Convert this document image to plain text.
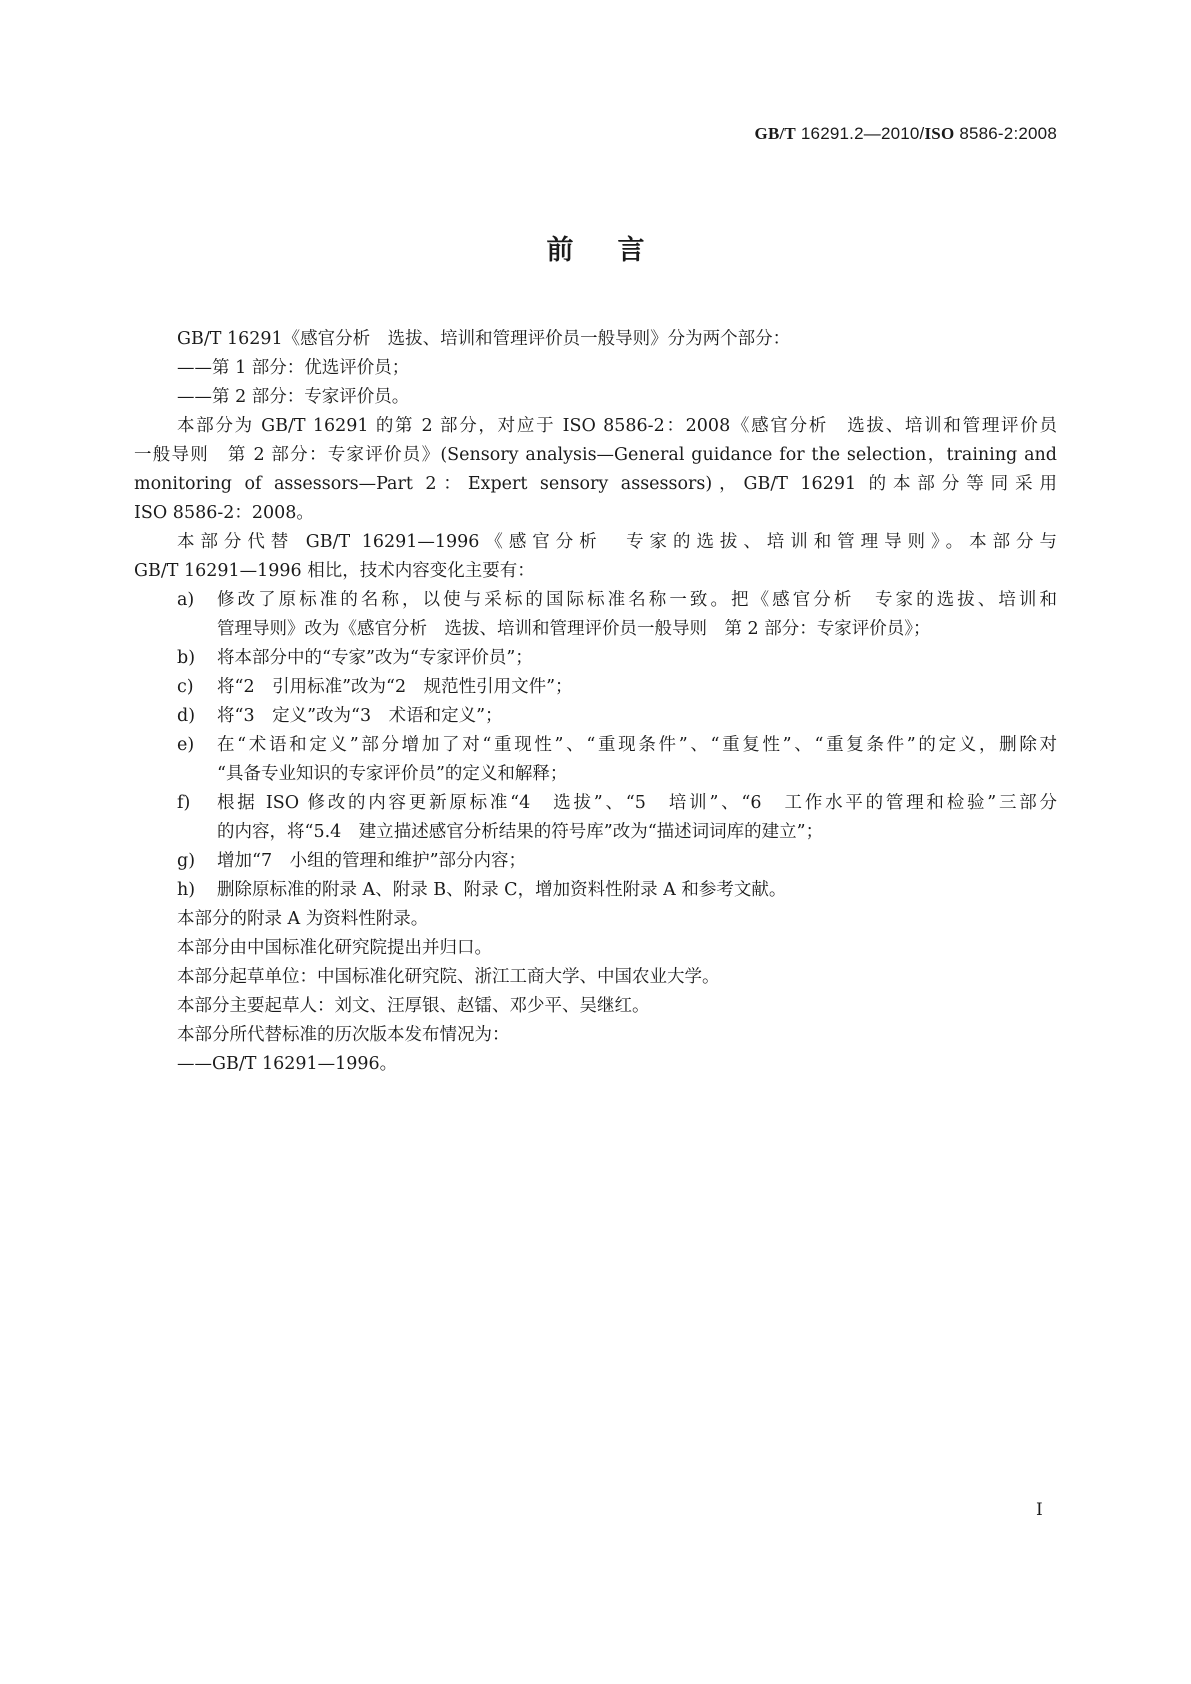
GB/T 16291.2—2010/ISO 8586-2:2008
前言
GB/T 16291《感官分析　选拔、培训和管理评价员一般导则》分为两个部分：
——第 1 部分：优选评价员；
——第 2 部分：专家评价员。
本部分为 GB/T 16291 的第 2 部分，对应于 ISO 8586-2：2008《感官分析　选拔、培训和管理评价员
一般导则　第 2 部分：专家评价员》(Sensory analysis—General guidance for the selection，training and
monitoring of assessors—Part 2：Expert sensory assessors)，GB/T 16291 的本部分等同采用
ISO 8586-2：2008。
本部分代替 GB/T 16291—1996《感官分析　专家的选拔、培训和管理导则》。本部分与
GB/T 16291—1996 相比，技术内容变化主要有：
a)	修改了原标准的名称，以使与采标的国际标准名称一致。把《感官分析　专家的选拔、培训和
管理导则》改为《感官分析　选拔、培训和管理评价员一般导则　第 2 部分：专家评价员》；
b)	将本部分中的“专家”改为“专家评价员”；
c)	将“2　引用标准”改为“2　规范性引用文件”；
d)	将“3　定义”改为“3　术语和定义”；
e)	在“术语和定义”部分增加了对“重现性”、“重现条件”、“重复性”、“重复条件”的定义，删除对
“具备专业知识的专家评价员”的定义和解释；
f)	根据 ISO 修改的内容更新原标准“4　选拔”、“5　培训”、“6　工作水平的管理和检验”三部分
的内容，将“5.4　建立描述感官分析结果的符号库”改为“描述词词库的建立”；
g)	增加“7　小组的管理和维护”部分内容；
h)	删除原标准的附录 A、附录 B、附录 C，增加资料性附录 A 和参考文献。
本部分的附录 A 为资料性附录。
本部分由中国标准化研究院提出并归口。
本部分起草单位：中国标准化研究院、浙江工商大学、中国农业大学。
本部分主要起草人：刘文、汪厚银、赵镭、邓少平、吴继红。
本部分所代替标准的历次版本发布情况为：
——GB/T 16291—1996。
I
